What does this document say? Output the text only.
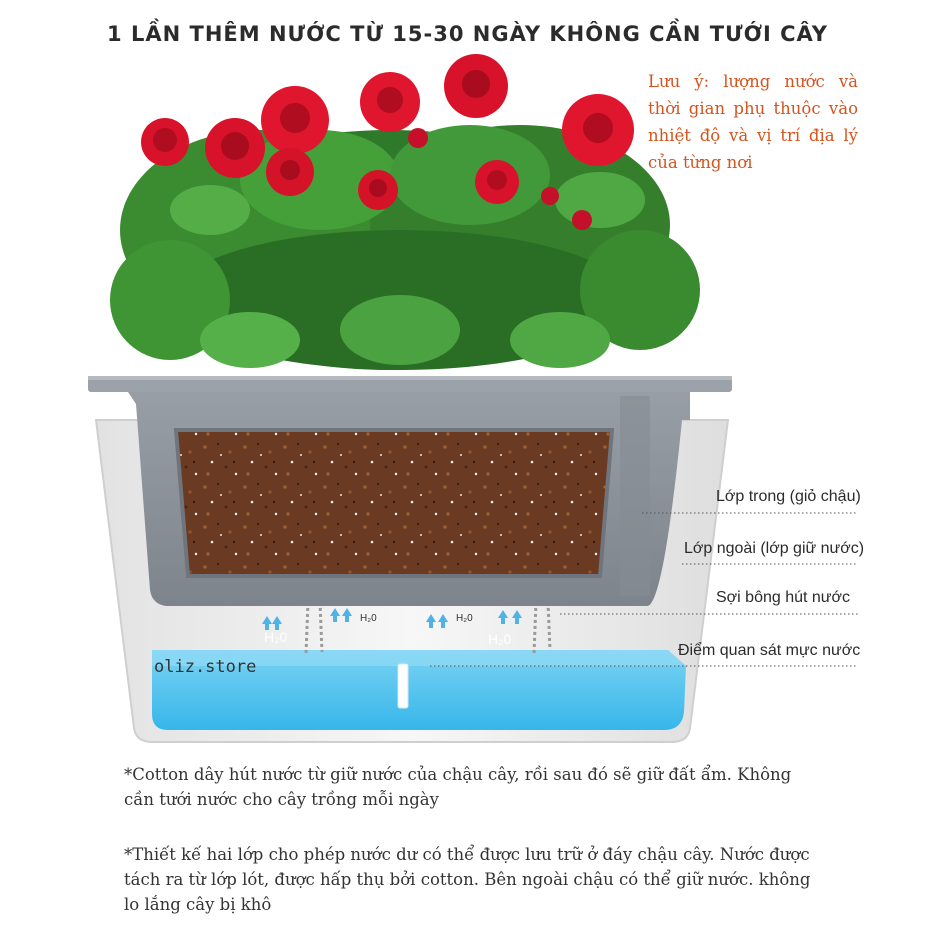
H₂0
H₂0	H₂0
H₂0
1 LẦN THÊM NƯỚC TỪ 15-30 NGÀY KHÔNG CẦN TƯỚI CÂY
Lưu ý: lượng nước và thời gian phụ thuộc vào nhiệt độ và vị trí địa lý của từng nơi
Lớp trong (giỏ chậu)
Lớp ngoài (lớp giữ nước)
Sợi bông hút nước
Điểm quan sát mực nước
oliz.store
*Cotton dây hút nước từ giữ nước của chậu cây, rồi sau đó sẽ giữ đất ẩm. Không cần tưới nước cho cây trồng mỗi ngày
*Thiết kế hai lớp cho phép nước dư có thể được lưu trữ ở đáy chậu cây. Nước được tách ra từ lớp lót, được hấp thụ bởi cotton. Bên ngoài chậu có thể giữ nước. không lo lắng cây bị khô
